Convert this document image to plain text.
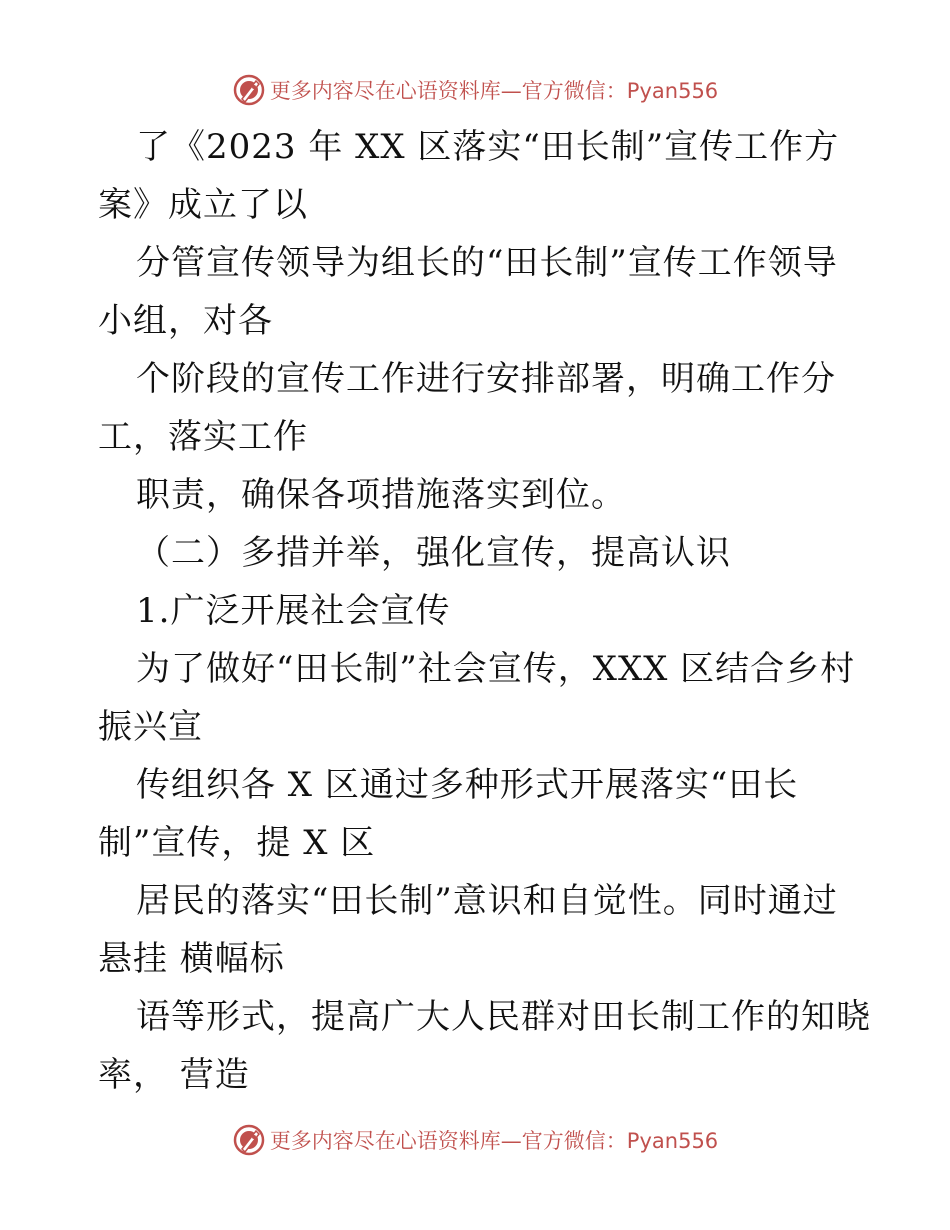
更多内容尽在心语资料库—官方微信：Pyan556
了《2023 年 XX 区落实“田长制”宣传工作方
案》成立了以
分管宣传领导为组长的“田长制”宣传工作领导
小组，对各
个阶段的宣传工作进行安排部署，明确工作分
工，落实工作
职责，确保各项措施落实到位。
（二）多措并举，强化宣传，提高认识
1.广泛开展社会宣传
为了做好“田长制”社会宣传，XXX 区结合乡村
振兴宣
传组织各 X 区通过多种形式开展落实“田长
制”宣传，提 X 区
居民的落实“田长制”意识和自觉性。同时通过
悬挂 横幅标
语等形式，提高广大人民群对田长制工作的知晓
率， 营造
更多内容尽在心语资料库—官方微信：Pyan556
